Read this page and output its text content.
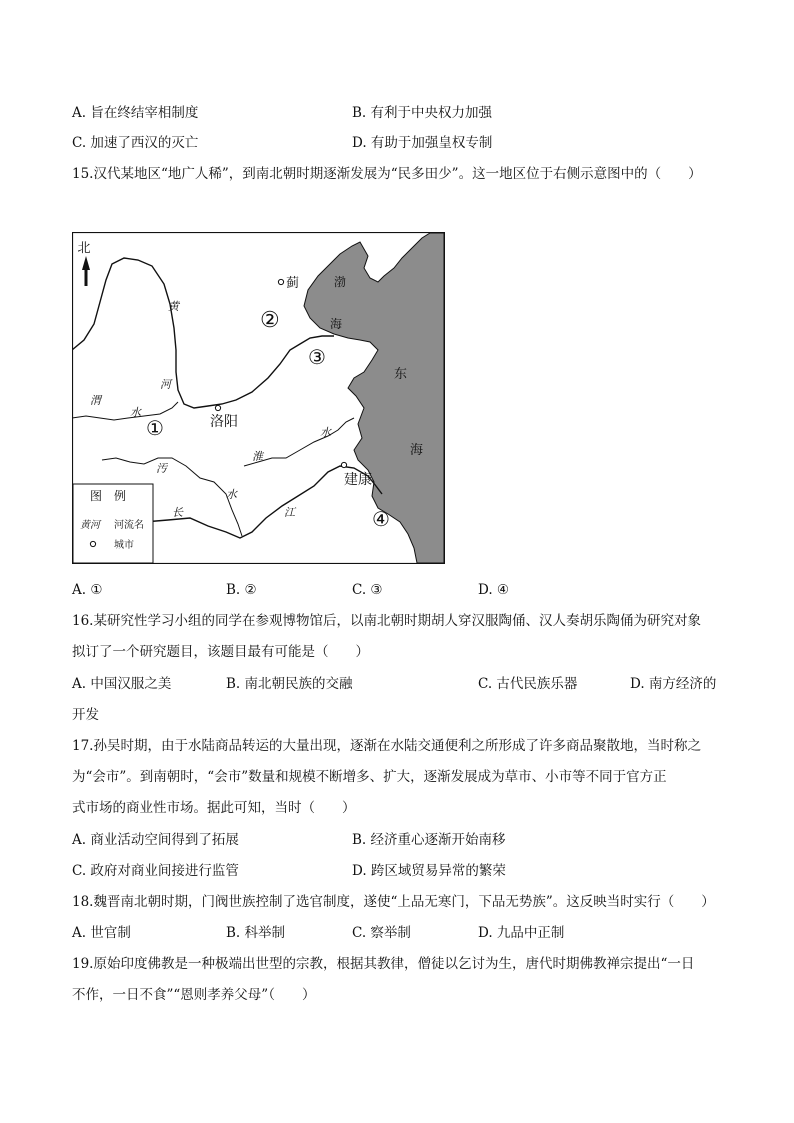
A. 旨在终结宰相制度	B. 有利于中央权力加强
C. 加速了西汉的灭亡	D. 有助于加强皇权专制
15.汉代某地区“地广人稀”，到南北朝时期逐渐发展为“民多田少”。这一地区位于右侧示意图中的（　　）
北
蓟
洛阳
建康
渤
海
东
海
黄
河
渭
水
淮
水
汚
水
长	江
②
③
①
④
图　例
黄河 河流名
城市
A. ①	B. ②	C. ③	D. ④
16.某研究性学习小组的同学在参观博物馆后，以南北朝时期胡人穿汉服陶俑、汉人奏胡乐陶俑为研究对象
拟订了一个研究题目，该题目最有可能是（　　）
A. 中国汉服之美	B. 南北朝民族的交融	C. 古代民族乐器	D. 南方经济的
开发
17.孙吴时期，由于水陆商品转运的大量出现，逐渐在水陆交通便利之所形成了许多商品聚散地，当时称之
为“会市”。到南朝时，“会市”数量和规模不断增多、扩大，逐渐发展成为草市、小市等不同于官方正
式市场的商业性市场。据此可知，当时（　　）
A. 商业活动空间得到了拓展	B. 经济重心逐渐开始南移
C. 政府对商业间接进行监管	D. 跨区域贸易异常的繁荣
18.魏晋南北朝时期，门阀世族控制了选官制度，遂使“上品无寒门，下品无势族”。这反映当时实行（　　）
A. 世官制	B. 科举制	C. 察举制	D. 九品中正制
19.原始印度佛教是一种极端出世型的宗教，根据其教律，僧徒以乞讨为生，唐代时期佛教禅宗提出“一日
不作，一日不食”“恩则孝养父母”（　　）
